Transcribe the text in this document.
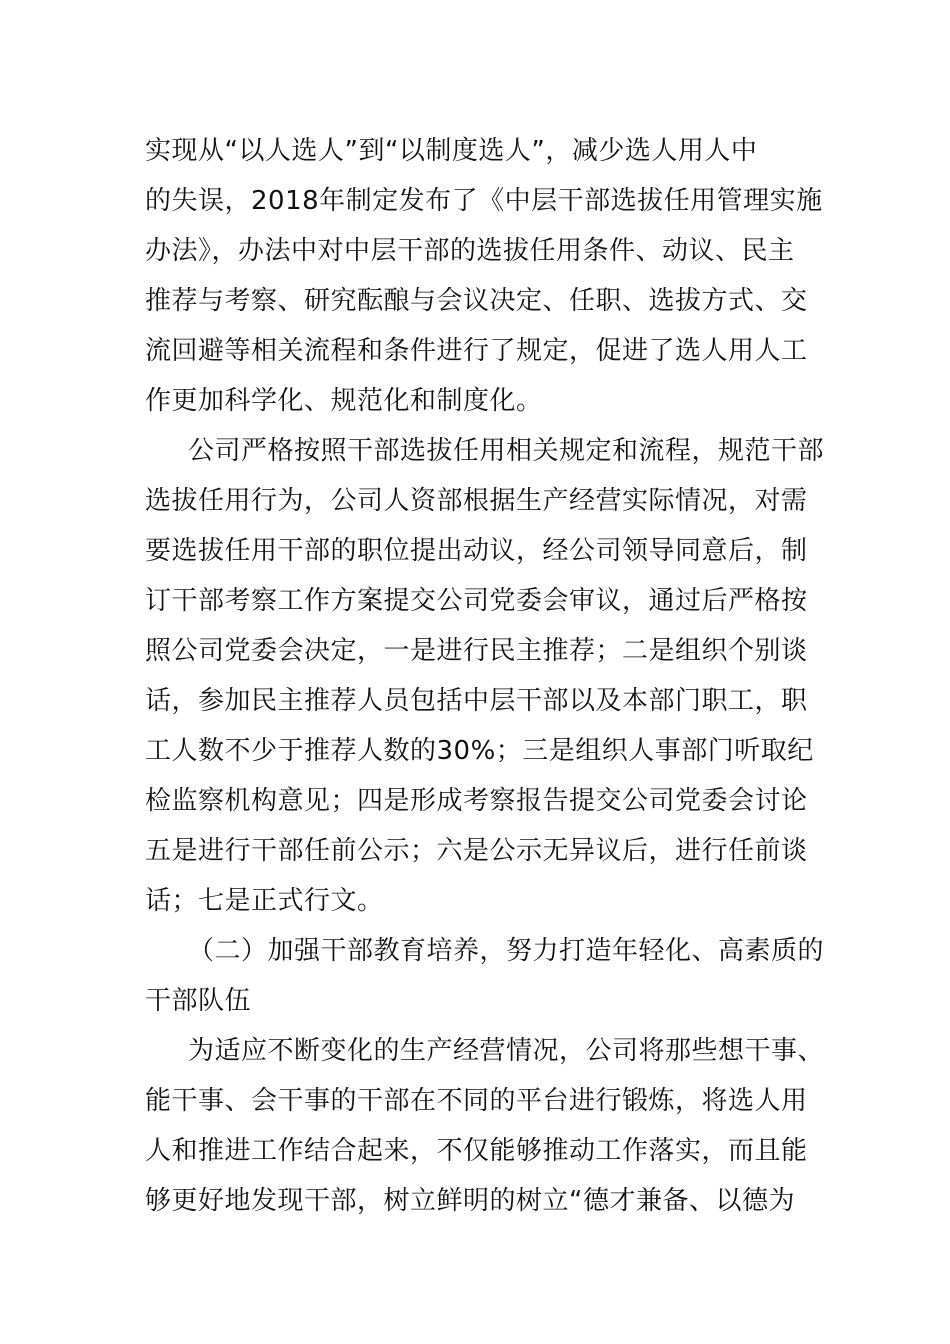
实现从“以人选人”到“以制度选人”，减少选人用人中
的失误，2018年制定发布了《中层干部选拔任用管理实施
办法》，办法中对中层干部的选拔任用条件、动议、民主
推荐与考察、研究酝酿与会议决定、任职、选拔方式、交
流回避等相关流程和条件进行了规定，促进了选人用人工
作更加科学化、规范化和制度化。
公司严格按照干部选拔任用相关规定和流程，规范干部
选拔任用行为，公司人资部根据生产经营实际情况，对需
要选拔任用干部的职位提出动议，经公司领导同意后，制
订干部考察工作方案提交公司党委会审议，通过后严格按
照公司党委会决定，一是进行民主推荐；二是组织个别谈
话，参加民主推荐人员包括中层干部以及本部门职工，职
工人数不少于推荐人数的30%；三是组织人事部门听取纪
检监察机构意见；四是形成考察报告提交公司党委会讨论
五是进行干部任前公示；六是公示无异议后，进行任前谈
话；七是正式行文。
（二）加强干部教育培养，努力打造年轻化、高素质的
干部队伍
为适应不断变化的生产经营情况，公司将那些想干事、
能干事、会干事的干部在不同的平台进行锻炼，将选人用
人和推进工作结合起来，不仅能够推动工作落实，而且能
够更好地发现干部，树立鲜明的树立“德才兼备、以德为
